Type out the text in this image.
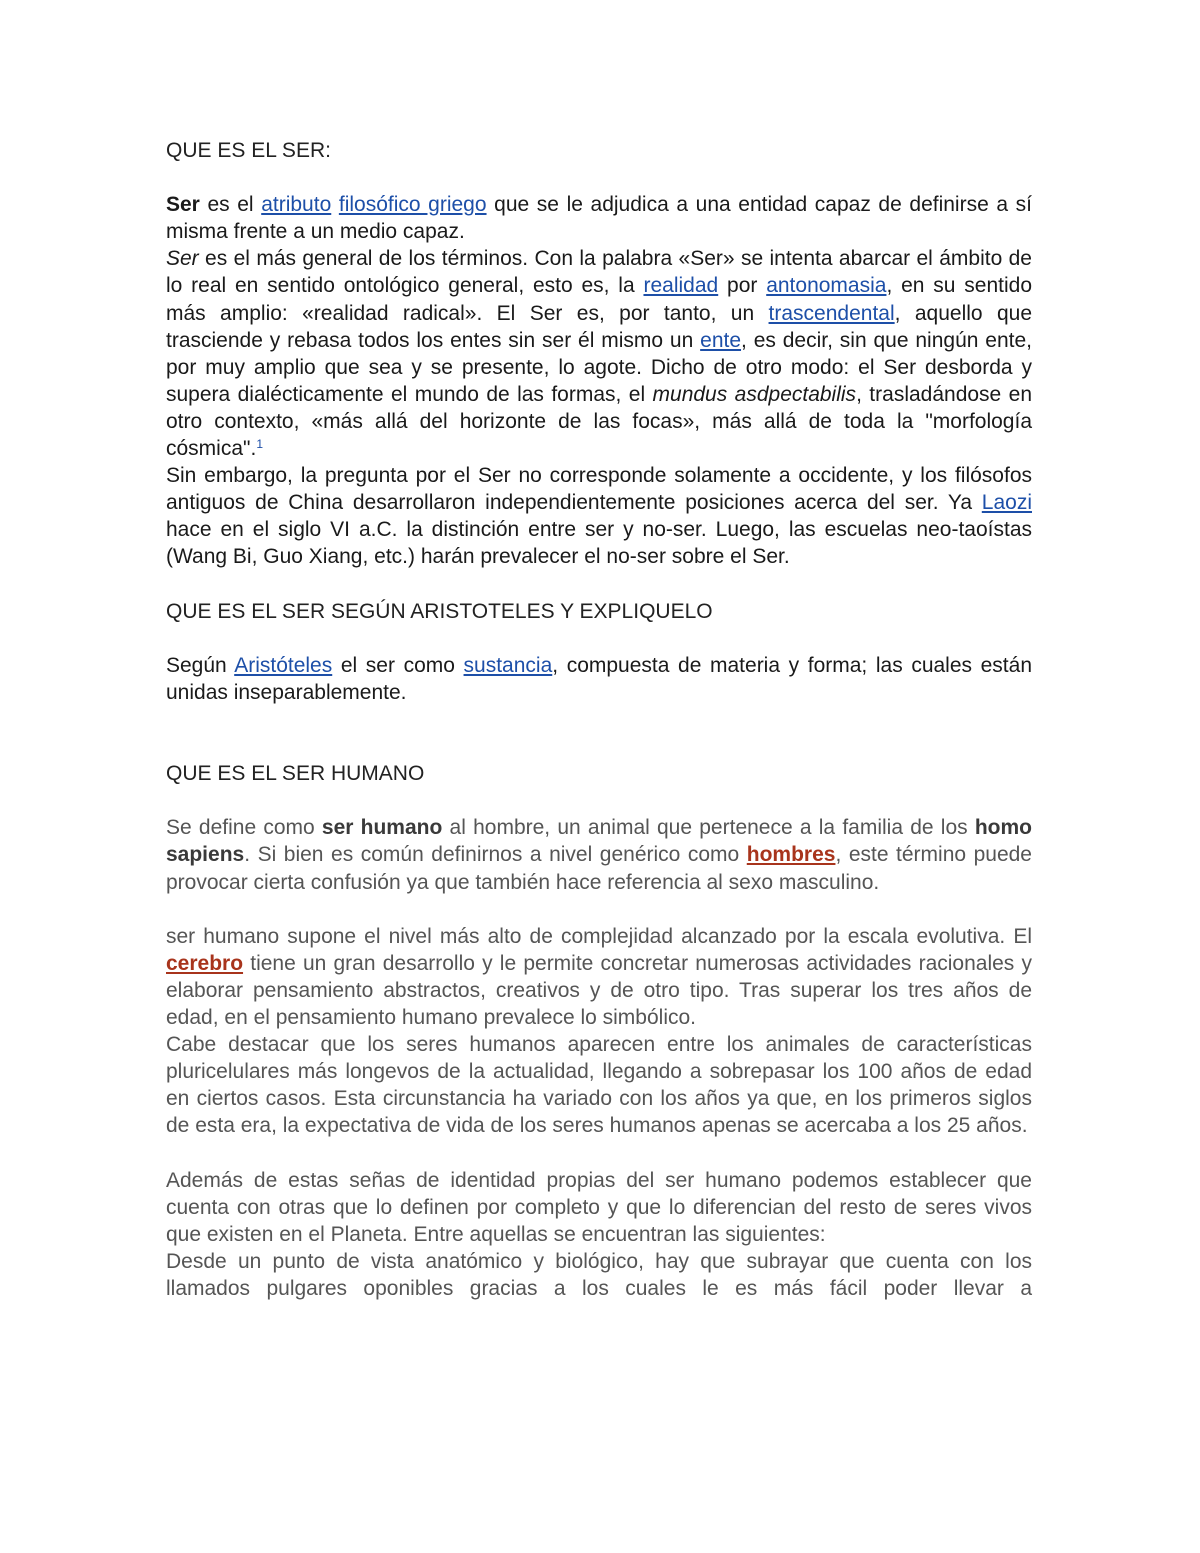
QUE ES EL SER:

Ser es el atributo filosófico griego que se le adjudica a una entidad capaz de definirse a sí misma frente a un medio capaz.

Ser es el más general de los términos. Con la palabra «Ser» se intenta abarcar el ámbito de lo real en sentido ontológico general, esto es, la realidad por antonomasia, en su sentido más amplio: «realidad radical». El Ser es, por tanto, un trascendental, aquello que trasciende y rebasa todos los entes sin ser él mismo un ente, es decir, sin que ningún ente, por muy amplio que sea y se presente, lo agote. Dicho de otro modo: el Ser desborda y supera dialécticamente el mundo de las formas, el mundus asdpectabilis, trasladándose en otro contexto, «más allá del horizonte de las focas», más allá de toda la "morfología cósmica".$^1$

Sin embargo, la pregunta por el Ser no corresponde solamente a occidente, y los filósofos antiguos de China desarrollaron independientemente posiciones acerca del ser. Ya Laozi hace en el siglo VI a.C. la distinción entre ser y no-ser. Luego, las escuelas neo-taoístas (Wang Bi, Guo Xiang, etc.) harán prevalecer el no-ser sobre el Ser.

QUE ES EL SER SEGÚN ARISTOTELES Y EXPLIQUELO

Según Aristóteles el ser como sustancia, compuesta de materia y forma; las cuales están unidas inseparablemente.

QUE ES EL SER HUMANO

Se define como ser humano al hombre, un animal que pertenece a la familia de los homo sapiens. Si bien es común definirnos a nivel genérico como hombres, este término puede provocar cierta confusión ya que también hace referencia al sexo masculino.

ser humano supone el nivel más alto de complejidad alcanzado por la escala evolutiva. El cerebro tiene un gran desarrollo y le permite concretar numerosas actividades racionales y elaborar pensamiento abstractos, creativos y de otro tipo. Tras superar los tres años de edad, en el pensamiento humano prevalece lo simbólico.

Cabe destacar que los seres humanos aparecen entre los animales de características pluricelulares más longevos de la actualidad, llegando a sobrepasar los 100 años de edad en ciertos casos. Esta circunstancia ha variado con los años ya que, en los primeros siglos de esta era, la expectativa de vida de los seres humanos apenas se acercaba a los 25 años.

Además de estas señas de identidad propias del ser humano podemos establecer que cuenta con otras que lo definen por completo y que lo diferencian del resto de seres vivos que existen en el Planeta. Entre aquellas se encuentran las siguientes:

Desde un punto de vista anatómico y biológico, hay que subrayar que cuenta con los llamados pulgares oponibles gracias a los cuales le es más fácil poder llevar a
